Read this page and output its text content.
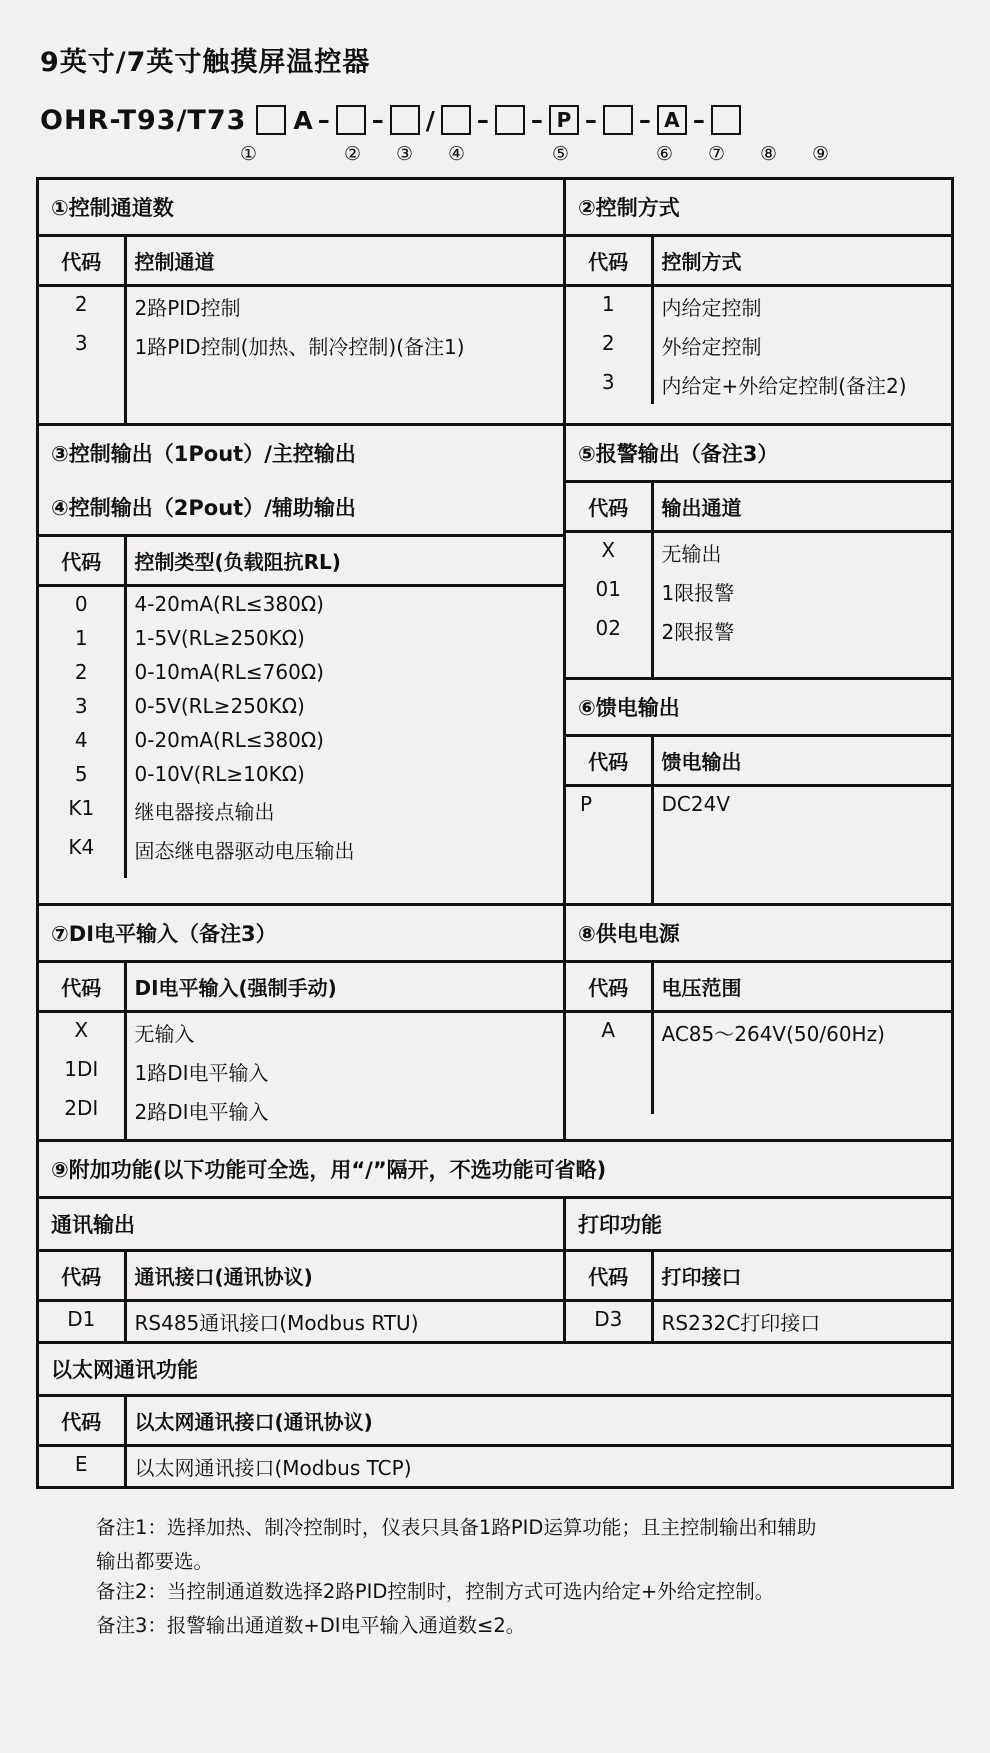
9英寸/7英寸触摸屏温控器
OHR-T93/T73 A – – / – – P – – A –
①	② ③ ④	⑤	⑥ ⑦ ⑧ ⑨
①控制通道数
代码	控制通道
2	2路PID控制
3	1路PID控制(加热、制冷控制)(备注1)

②控制方式
代码	控制方式
1	内给定控制
2	外给定控制
3	内给定+外给定控制(备注2)
③控制输出（1Pout）/主控输出
④控制输出（2Pout）/辅助输出
代码	控制类型(负载阻抗RL)
0	4-20mA(RL≤380Ω)
1	1-5V(RL≥250KΩ)
2	0-10mA(RL≤760Ω)
3	0-5V(RL≥250KΩ)
4	0-20mA(RL≤380Ω)
5	0-10V(RL≥10KΩ)
K1	继电器接点输出
K4	固态继电器驱动电压输出
⑤报警输出（备注3）
代码	输出通道
X	无输出
01	1限报警
02	2限报警

⑥馈电输出
代码	馈电输出
P	DC24V

⑦DI电平输入（备注3）
代码	DI电平输入(强制手动)
X	无输入
1DI	1路DI电平输入
2DI	2路DI电平输入
⑧供电电源
代码	电压范围
A	AC85～264V(50/60Hz)

⑨附加功能(以下功能可全选，用“/”隔开，不选功能可省略)
通讯输出
代码	通讯接口(通讯协议)
D1	RS485通讯接口(Modbus RTU)
打印功能
代码	打印接口
D3	RS232C打印接口
以太网通讯功能
代码	以太网通讯接口(通讯协议)
E	以太网通讯接口(Modbus TCP)
备注1： 选择加热、制冷控制时，仪表只具备1路PID运算功能；且主控制输出和辅助
输出都要选。
备注2： 当控制通道数选择2路PID控制时，控制方式可选内给定+外给定控制。
备注3： 报警输出通道数+DI电平输入通道数≤2。
